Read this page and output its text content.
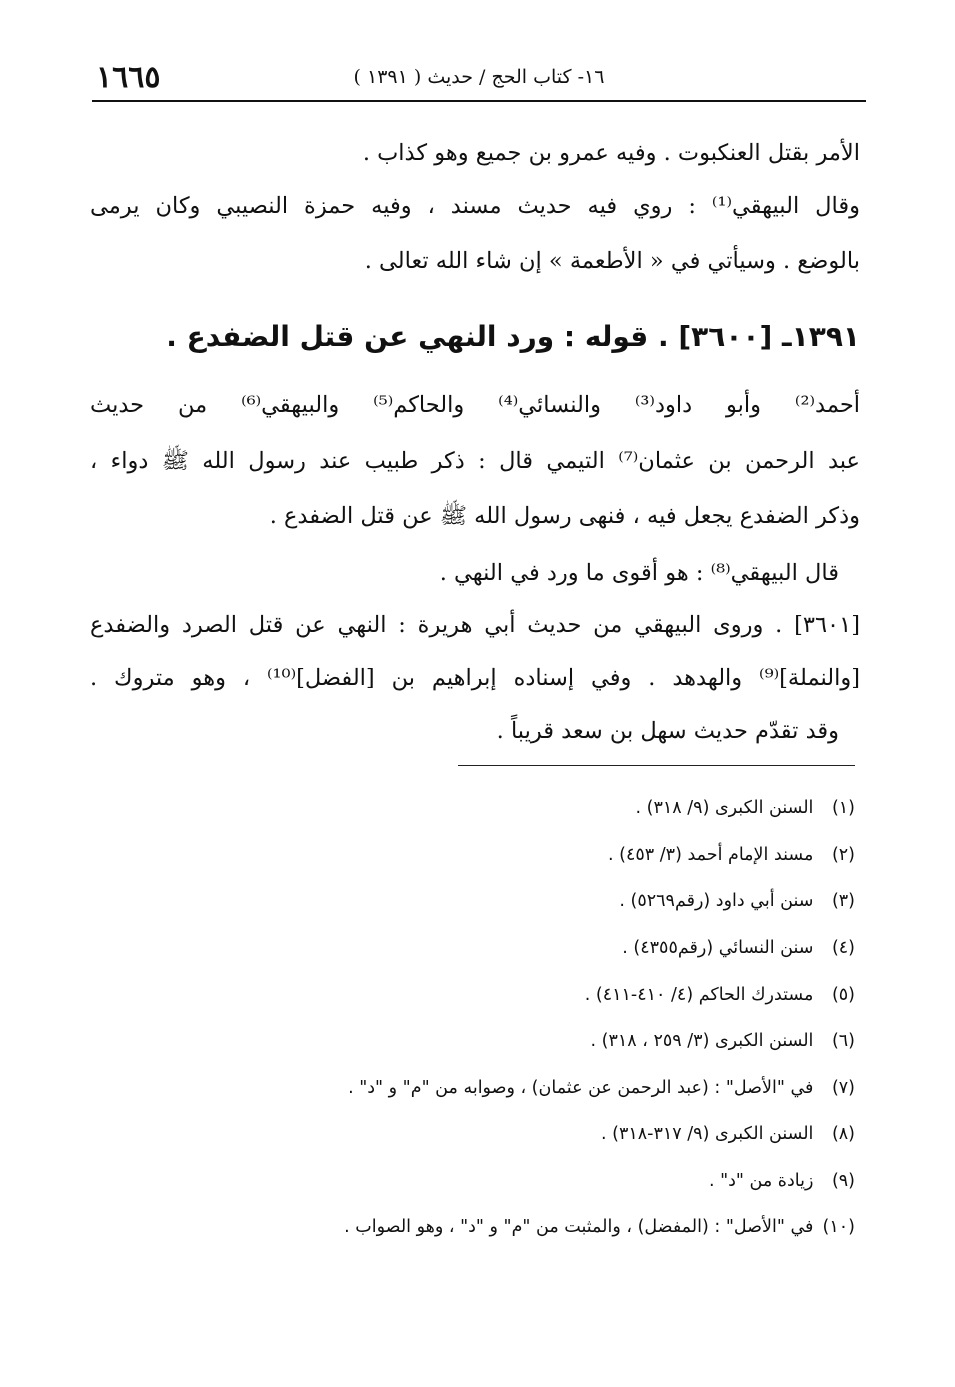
١٦٦٥	١٦- كتاب الحج / حديث ( ١٣٩١ )
الأمر بقتل العنكبوت . وفيه عمرو بن جميع وهو كذاب .
وقال البيهقي⁽¹⁾ : روي فيه حديث مسند ، وفيه حمزة النصيبي وكان يرمى
بالوضع . وسيأتي في « الأطعمة » إن شاء الله تعالى .
١٣٩١ـ [٣٦٠٠] . قوله : ورد النهي عن قتل الضفدع .
أحمد⁽²⁾ وأبو داود⁽³⁾ والنسائي⁽⁴⁾ والحاكم⁽⁵⁾ والبيهقي⁽⁶⁾ من حديث
عبد الرحمن بن عثمان⁽⁷⁾ التيمي قال : ذكر طبيب عند رسول الله ﷺ دواء ،
وذكر الضفدع يجعل فيه ، فنهى رسول الله ﷺ عن قتل الضفدع .
قال البيهقي⁽⁸⁾ : هو أقوى ما ورد في النهي .
[٣٦٠١] . وروى البيهقي من حديث أبي هريرة : النهي عن قتل الصرد والضفدع
[والنملة]⁽⁹⁾ والهدهد . وفي إسناده إبراهيم بن [الفضل]⁽¹⁰⁾ ، وهو متروك .
وقد تقدّم حديث سهل بن سعد قريباً .
(١) السنن الكبرى (٩/ ٣١٨) .
(٢) مسند الإمام أحمد (٣/ ٤٥٣) .
(٣) سنن أبي داود (رقم٥٢٦٩) .
(٤) سنن النسائي (رقم٤٣٥٥) .
(٥) مستدرك الحاكم (٤/ ٤١٠-٤١١) .
(٦) السنن الكبرى (٣/ ٢٥٩ ، ٣١٨) .
(٧) في "الأصل" : (عبد الرحمن عن عثمان) ، وصوابه من "م" و "د" .
(٨) السنن الكبرى (٩/ ٣١٧-٣١٨) .
(٩) زيادة من "د" .
(١٠) في "الأصل" : (المفضل) ، والمثبت من "م" و "د" ، وهو الصواب .
